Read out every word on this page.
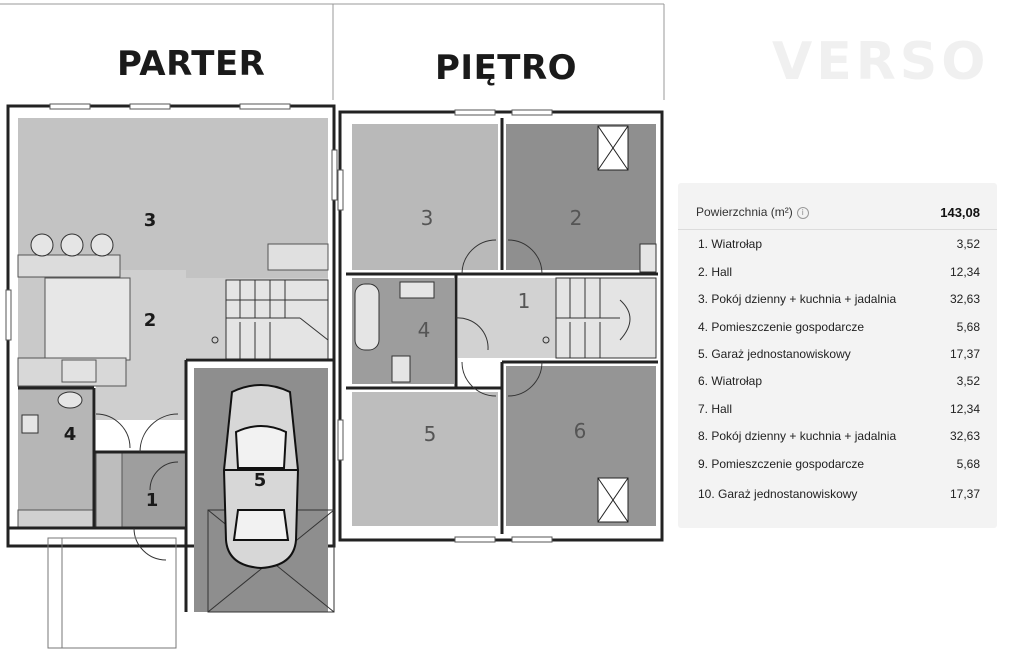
3
2
4
1
5
3	2
1
4
5	6
PARTER	PIĘTRO	VERSO
Powierzchnia (m²) i	143,08
1. Wiatrołap	3,52
2. Hall	12,34
3. Pokój dzienny + kuchnia + jadalnia	32,63
4. Pomieszczenie gospodarcze	5,68
5. Garaż jednostanowiskowy	17,37
6. Wiatrołap	3,52
7. Hall	12,34
8. Pokój dzienny + kuchnia + jadalnia	32,63
9. Pomieszczenie gospodarcze	5,68
10. Garaż jednostanowiskowy	17,37
